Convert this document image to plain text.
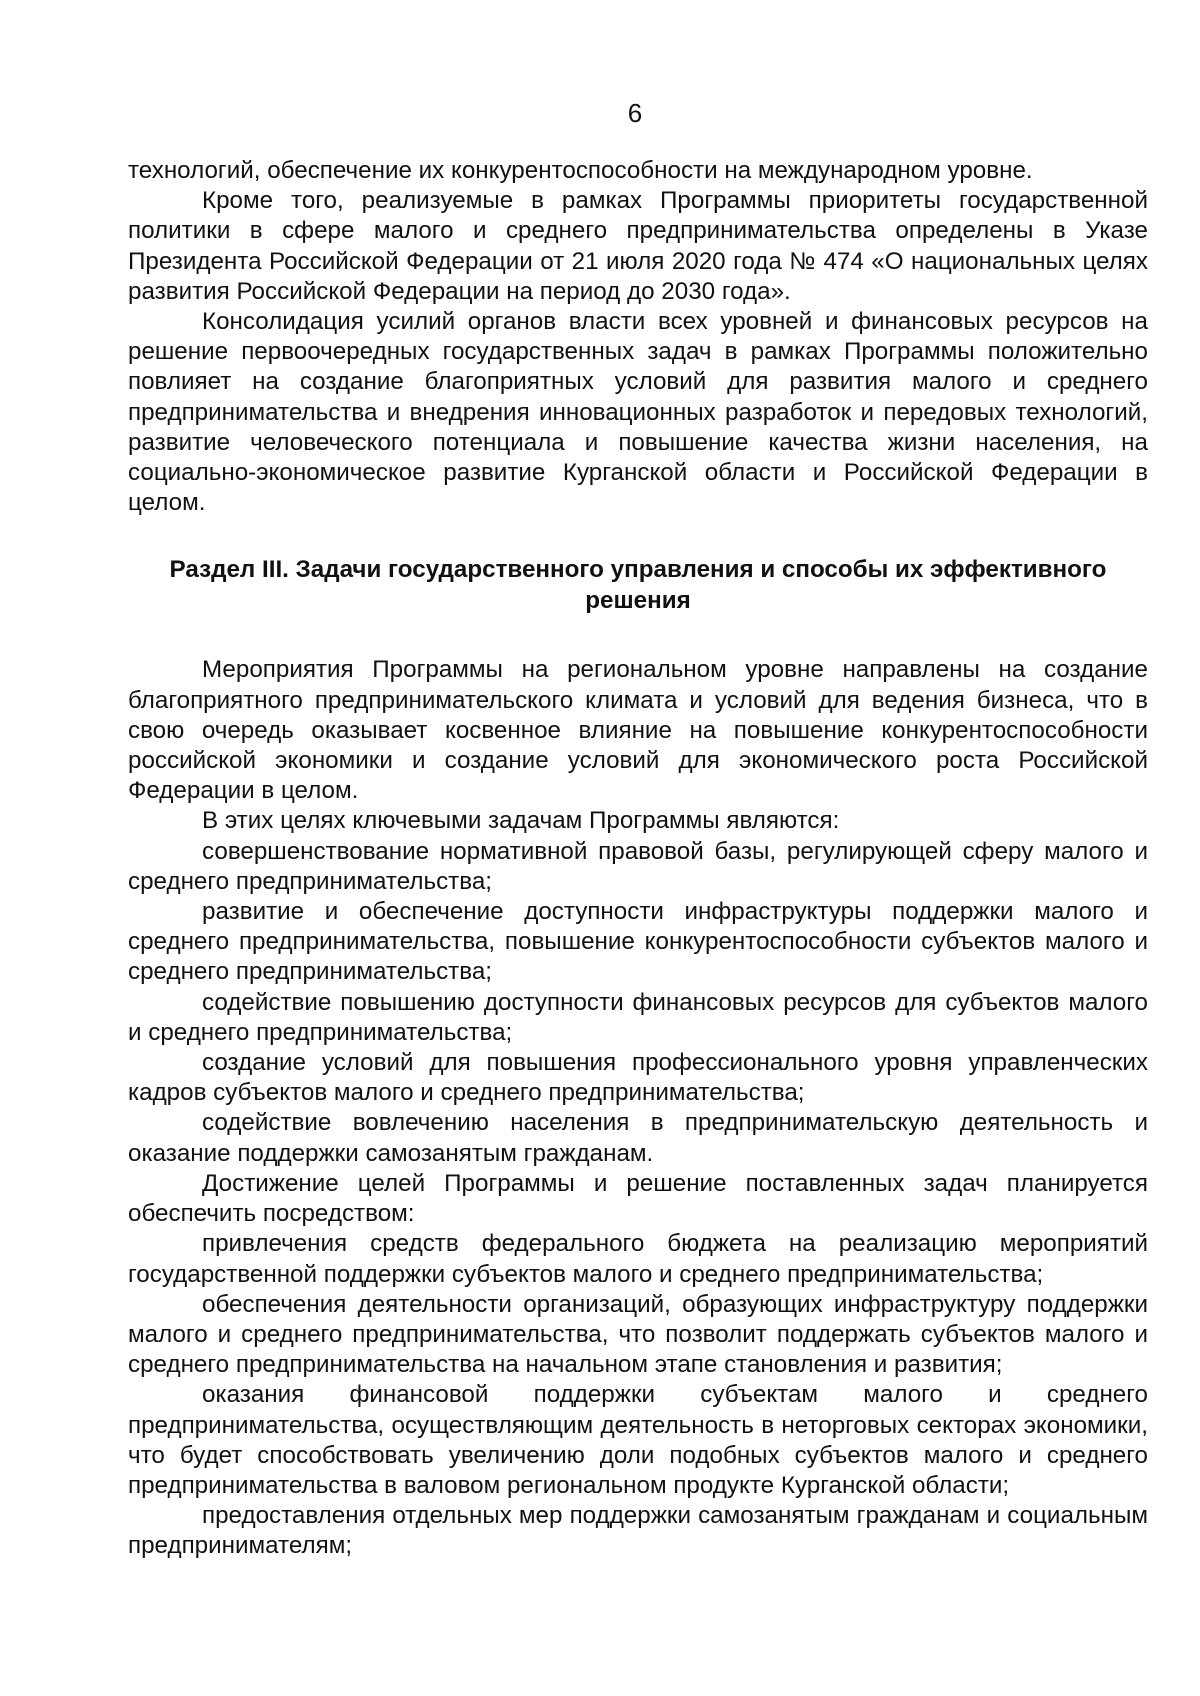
6

технологий, обеспечение их конкурентоспособности на международном уровне.

Кроме того, реализуемые в рамках Программы приоритеты государственной политики в сфере малого и среднего предпринимательства определены в Указе Президента Российской Федерации от 21 июля 2020 года № 474 «О национальных целях развития Российской Федерации на период до 2030 года».

Консолидация усилий органов власти всех уровней и финансовых ресурсов на решение первоочередных государственных задач в рамках Программы положительно повлияет на создание благоприятных условий для развития малого и среднего предпринимательства и внедрения инновационных разработок и передовых технологий, развитие человеческого потенциала и повышение качества жизни населения, на социально-экономическое развитие Курганской области и Российской Федерации в целом.

Раздел III. Задачи государственного управления и способы их эффективного
решения

Мероприятия Программы на региональном уровне направлены на создание благоприятного предпринимательского климата и условий для ведения бизнеса, что в свою очередь оказывает косвенное влияние на повышение конкурентоспособности российской экономики и создание условий для экономического роста Российской Федерации в целом.

В этих целях ключевыми задачам Программы являются:

совершенствование нормативной правовой базы, регулирующей сферу малого и среднего предпринимательства;

развитие и обеспечение доступности инфраструктуры поддержки малого и среднего предпринимательства, повышение конкурентоспособности субъектов малого и среднего предпринимательства;

содействие повышению доступности финансовых ресурсов для субъектов малого и среднего предпринимательства;

создание условий для повышения профессионального уровня управленческих кадров субъектов малого и среднего предпринимательства;

содействие вовлечению населения в предпринимательскую деятельность и оказание поддержки самозанятым гражданам.

Достижение целей Программы и решение поставленных задач планируется обеспечить посредством:

привлечения средств федерального бюджета на реализацию мероприятий государственной поддержки субъектов малого и среднего предпринимательства;

обеспечения деятельности организаций, образующих инфраструктуру поддержки малого и среднего предпринимательства, что позволит поддержать субъектов малого и среднего предпринимательства на начальном этапе становления и развития;

оказания финансовой поддержки субъектам малого и среднего предпринимательства, осуществляющим деятельность в неторговых секторах экономики, что будет способствовать увеличению доли подобных субъектов малого и среднего предпринимательства в валовом региональном продукте Курганской области;

предоставления отдельных мер поддержки самозанятым гражданам и социальным предпринимателям;
